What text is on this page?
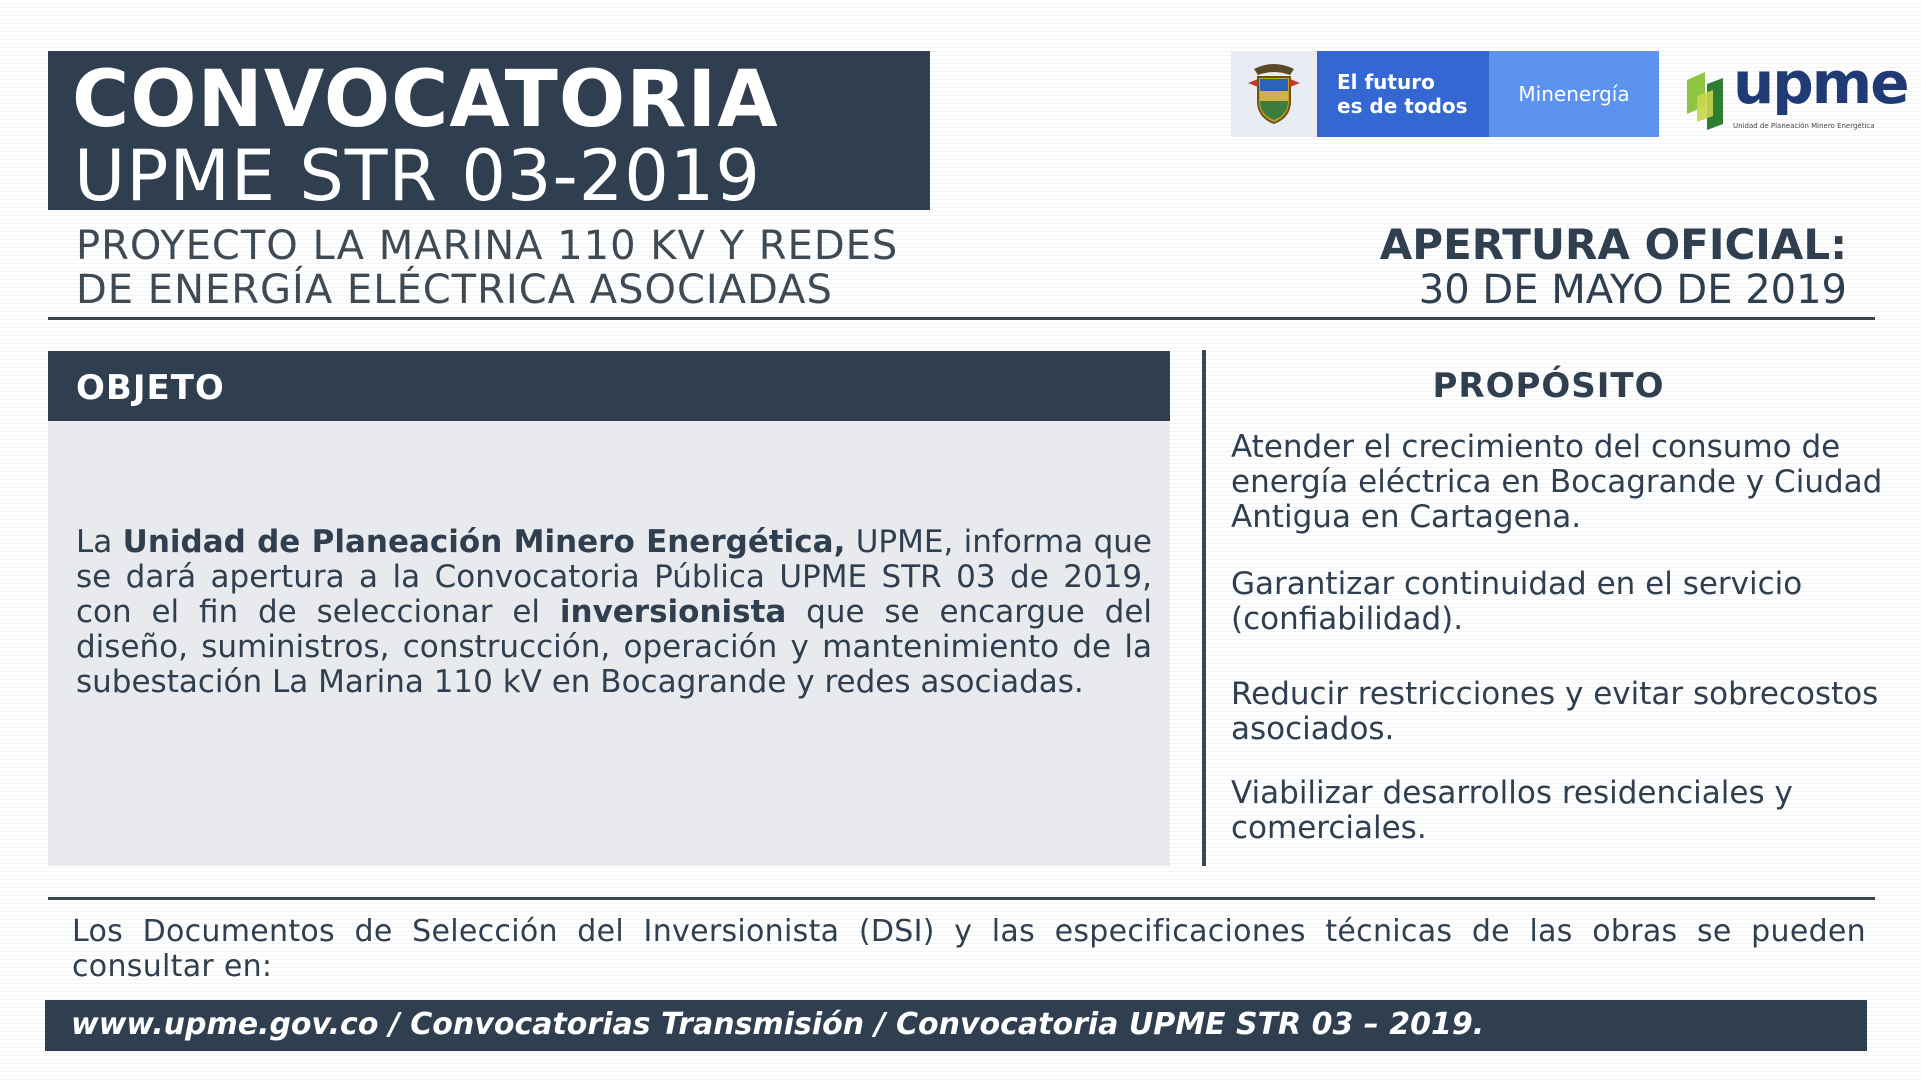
CONVOCATORIA
UPME STR 03-2019
PROYECTO LA MARINA 110 KV Y REDES
DE ENERGÍA ELÉCTRICA ASOCIADAS
APERTURA OFICIAL:
30 DE MAYO DE 2019
El futuro
es de todos	Minenergía	upme
Unidad de Planeación Minero Energética
OBJETO
La Unidad de Planeación Minero Energética, UPME, informa que se dará apertura a la Convocatoria Pública UPME STR 03 de 2019, con el fin de seleccionar el inversionista que se encargue del diseño, suministros, construcción, operación y mantenimiento de la subestación La Marina 110 kV en Bocagrande y redes asociadas.
PROPÓSITO
Atender el crecimiento del consumo de energía eléctrica en Bocagrande y Ciudad Antigua en Cartagena.
Garantizar continuidad en el servicio (confiabilidad).
Reducir restricciones y evitar sobrecostos asociados.
Viabilizar desarrollos residenciales y comerciales.
Los Documentos de Selección del Inversionista (DSI) y las especificaciones técnicas de las obras se pueden consultar en:
www.upme.gov.co / Convocatorias Transmisión / Convocatoria UPME STR 03 – 2019.
